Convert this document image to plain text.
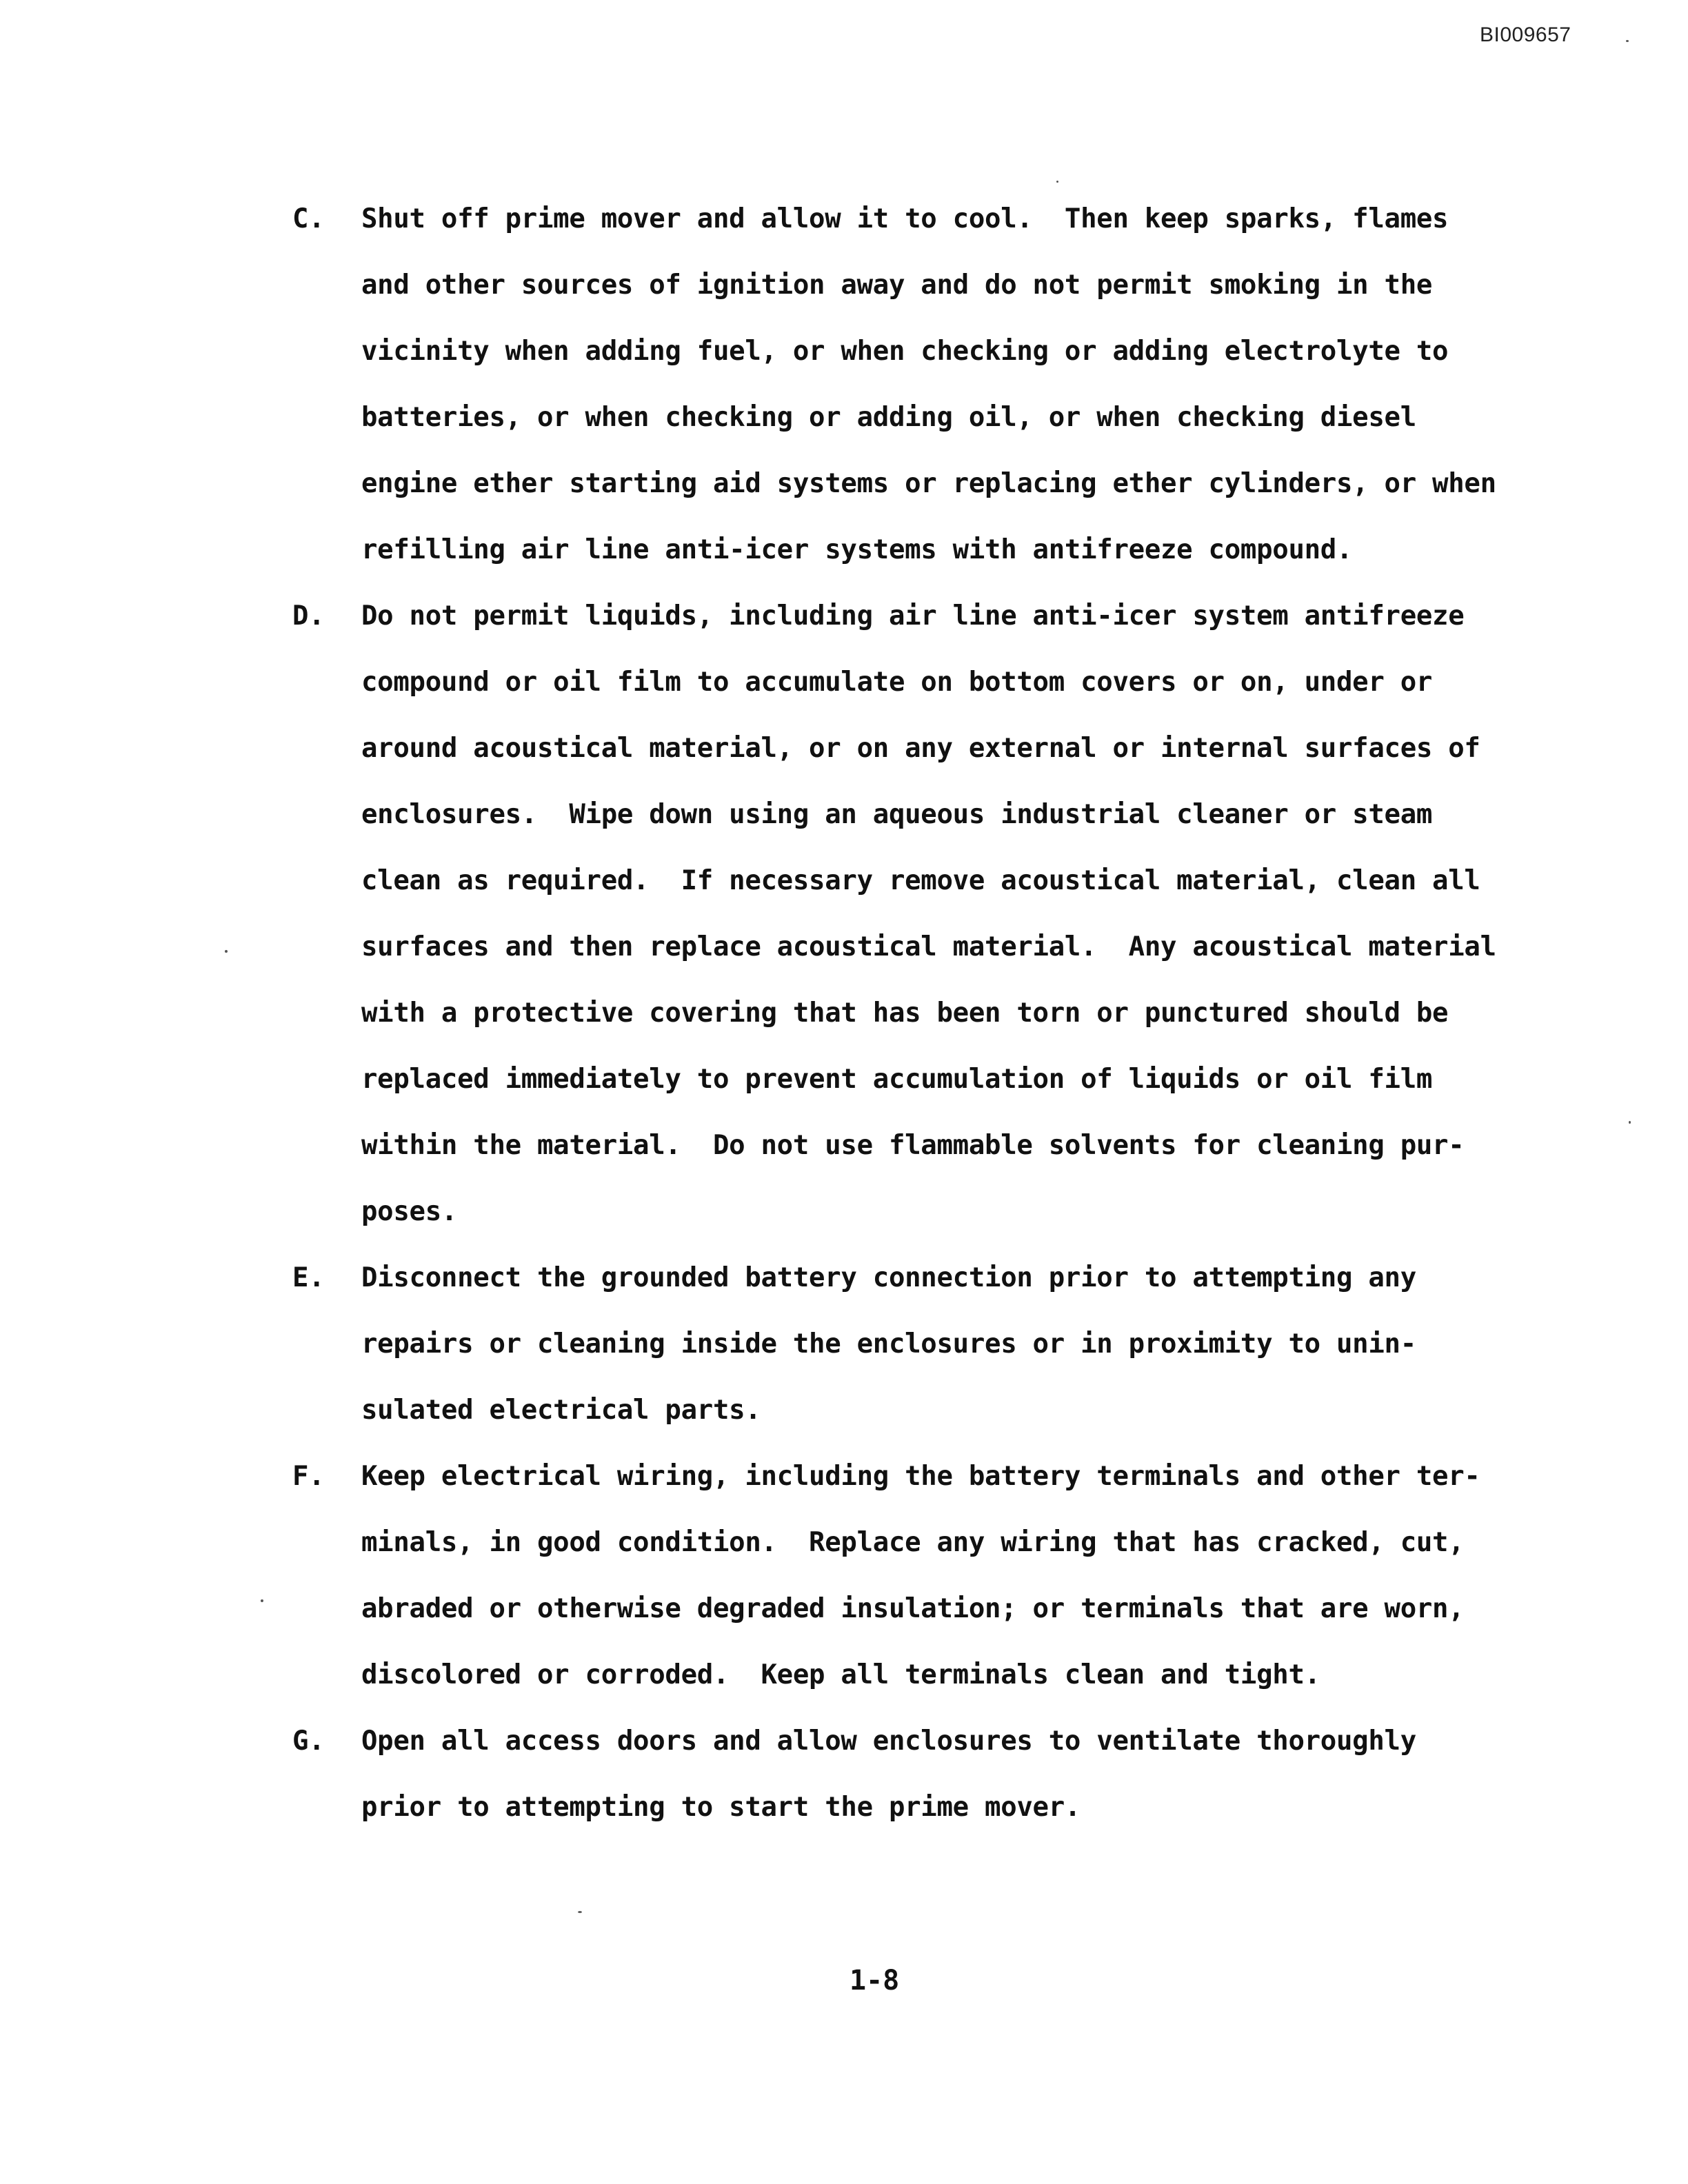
BI009657
C. Shut off prime mover and allow it to cool.  Then keep sparks, flames
and other sources of ignition away and do not permit smoking in the
vicinity when adding fuel, or when checking or adding electrolyte to
batteries, or when checking or adding oil, or when checking diesel
engine ether starting aid systems or replacing ether cylinders, or when
refilling air line anti-icer systems with antifreeze compound.
D. Do not permit liquids, including air line anti-icer system antifreeze
compound or oil film to accumulate on bottom covers or on, under or
around acoustical material, or on any external or internal surfaces of
enclosures.  Wipe down using an aqueous industrial cleaner or steam
clean as required.  If necessary remove acoustical material, clean all
surfaces and then replace acoustical material.  Any acoustical material
with a protective covering that has been torn or punctured should be
replaced immediately to prevent accumulation of liquids or oil film
within the material.  Do not use flammable solvents for cleaning pur-
poses.
E. Disconnect the grounded battery connection prior to attempting any
repairs or cleaning inside the enclosures or in proximity to unin-
sulated electrical parts.
F. Keep electrical wiring, including the battery terminals and other ter-
minals, in good condition.  Replace any wiring that has cracked, cut,
abraded or otherwise degraded insulation; or terminals that are worn,
discolored or corroded.  Keep all terminals clean and tight.
G. Open all access doors and allow enclosures to ventilate thoroughly
prior to attempting to start the prime mover.
1-8
